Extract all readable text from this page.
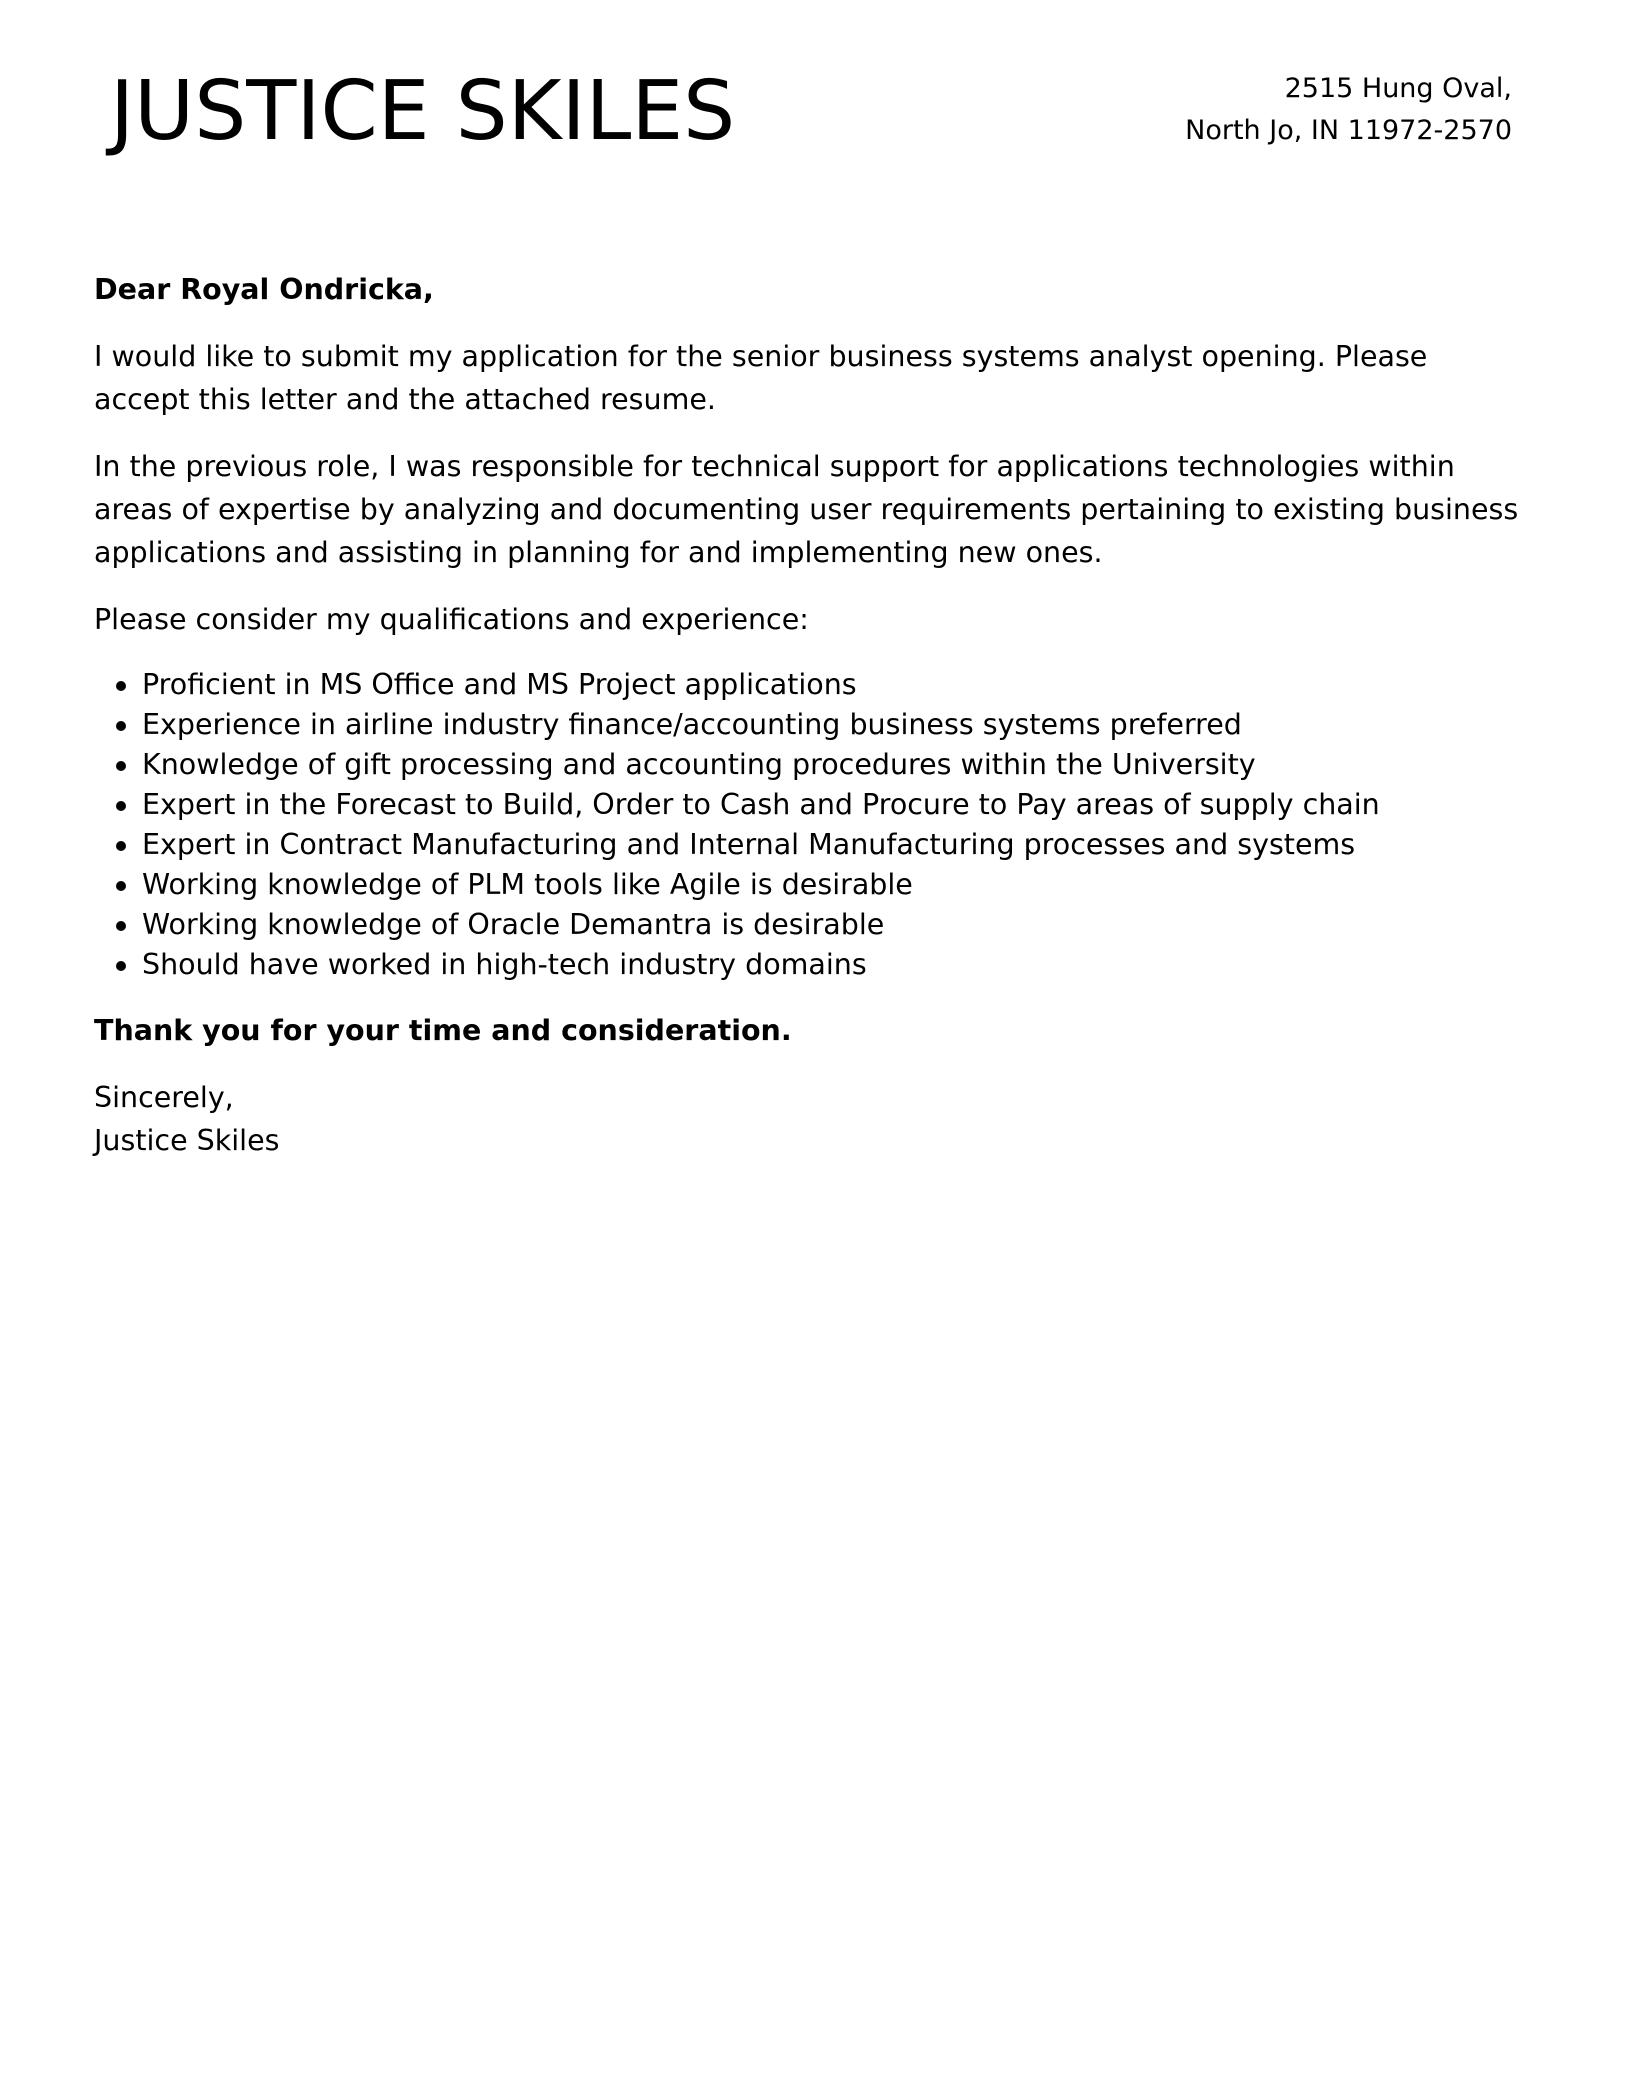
JUSTICE SKILES	2515 Hung Oval,
North Jo, IN 11972-2570
Dear Royal Ondricka,

I would like to submit my application for the senior business systems analyst opening. Please accept this letter and the attached resume.

In the previous role, I was responsible for technical support for applications technologies within areas of expertise by analyzing and documenting user requirements pertaining to existing business applications and assisting in planning for and implementing new ones.

Please consider my qualifications and experience:

Proficient in MS Office and MS Project applications
Experience in airline industry finance/accounting business systems preferred
Knowledge of gift processing and accounting procedures within the University
Expert in the Forecast to Build, Order to Cash and Procure to Pay areas of supply chain
Expert in Contract Manufacturing and Internal Manufacturing processes and systems
Working knowledge of PLM tools like Agile is desirable
Working knowledge of Oracle Demantra is desirable
Should have worked in high-tech industry domains
Thank you for your time and consideration.
Sincerely,
Justice Skiles
